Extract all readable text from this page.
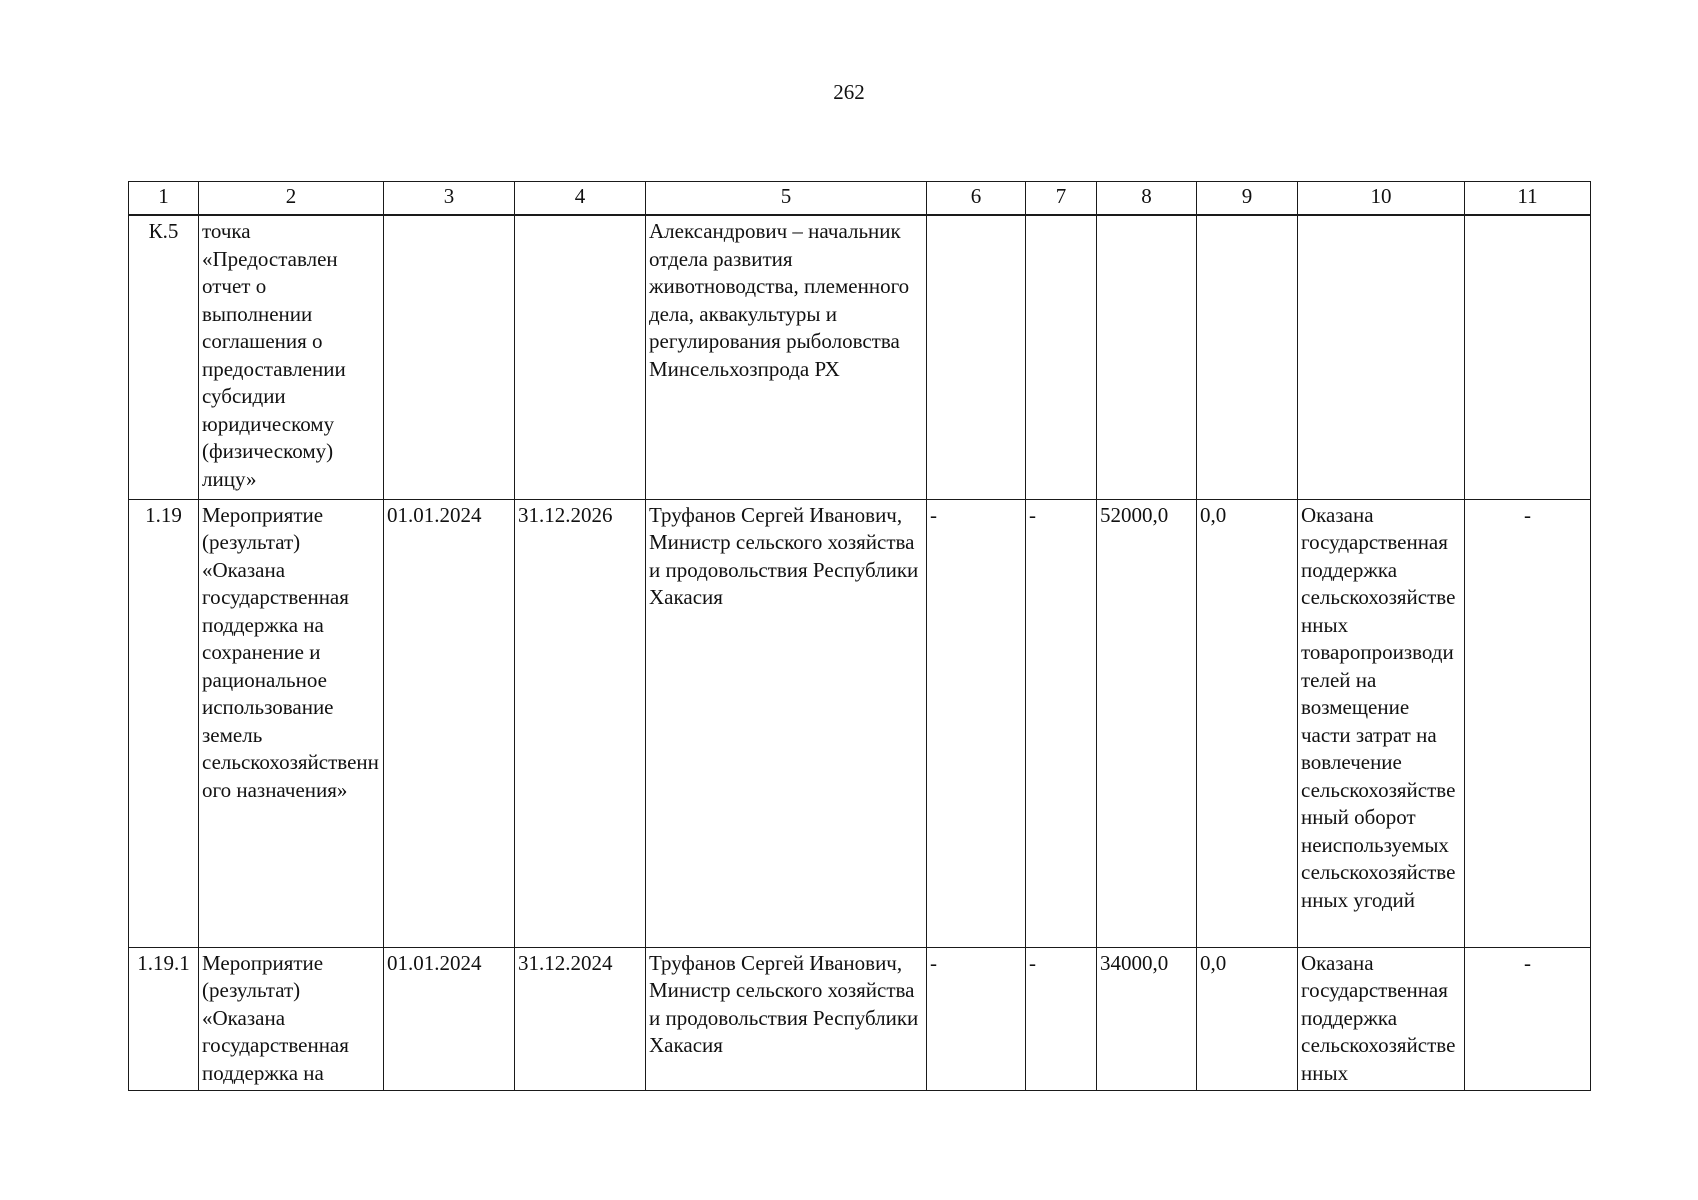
262
1	2	3	4	5	6	7	8	9	10	11
К.5	точка «Предоставлен отчет о выполнении соглашения о предоставлении субсидии юридическому (физическому) лицу»			Александрович – начальник отдела развития животноводства, племенного дела, аквакультуры и регулирования рыболовства Минсельхозпрода РХ						
1.19	Мероприятие (результат) «Оказана государственная поддержка на сохранение и рациональное использование земель сельскохозяйственного назначения»	01.01.2024	31.12.2026	Труфанов Сергей Иванович, Министр сельского хозяйства и продовольствия Республики Хакасия	-	-	52000,0	0,0	Оказана государственная поддержка сельскохозяйственных товаропроизводителей на возмещение части затрат на вовлечение сельскохозяйственный оборот неиспользуемых сельскохозяйственных угодий	-
1.19.1	Мероприятие (результат) «Оказана государственная поддержка на	01.01.2024	31.12.2024	Труфанов Сергей Иванович, Министр сельского хозяйства и продовольствия Республики Хакасия	-	-	34000,0	0,0	Оказана государственная поддержка сельскохозяйственных	-
